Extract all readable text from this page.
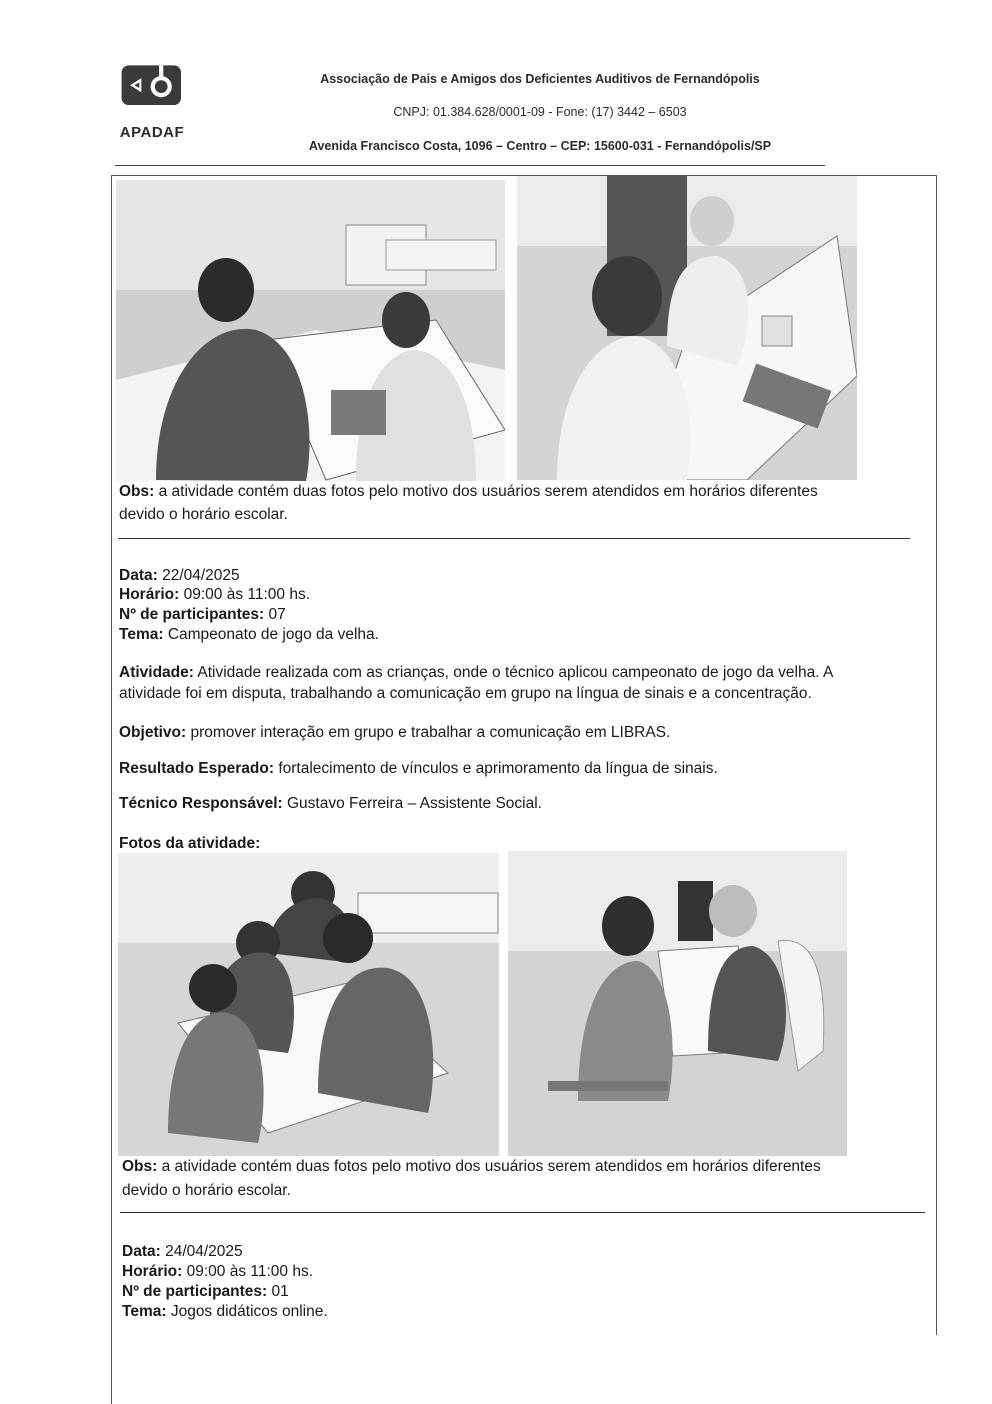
APADAF
Associação de Pais e Amigos dos Deficientes Auditivos de Fernandópolis
CNPJ: 01.384.628/0001-09 - Fone: (17) 3442 – 6503
Avenida Francisco Costa, 1096 – Centro – CEP: 15600-031 - Fernandópolis/SP
Obs: a atividade contém duas fotos pelo motivo dos usuários serem atendidos em horários diferentes
devido o horário escolar.
Data: 22/04/2025
Horário: 09:00 às 11:00 hs.
Nº de participantes: 07
Tema: Campeonato de jogo da velha.
Atividade: Atividade realizada com as crianças, onde o técnico aplicou campeonato de jogo da velha. A
atividade foi em disputa, trabalhando a comunicação em grupo na língua de sinais e a concentração.
Objetivo: promover interação em grupo e trabalhar a comunicação em LIBRAS.
Resultado Esperado: fortalecimento de vínculos e aprimoramento da língua de sinais.
Técnico Responsável: Gustavo Ferreira – Assistente Social.
Fotos da atividade:
Obs: a atividade contém duas fotos pelo motivo dos usuários serem atendidos em horários diferentes
devido o horário escolar.
Data: 24/04/2025
Horário: 09:00 às 11:00 hs.
Nº de participantes: 01
Tema: Jogos didáticos online.
